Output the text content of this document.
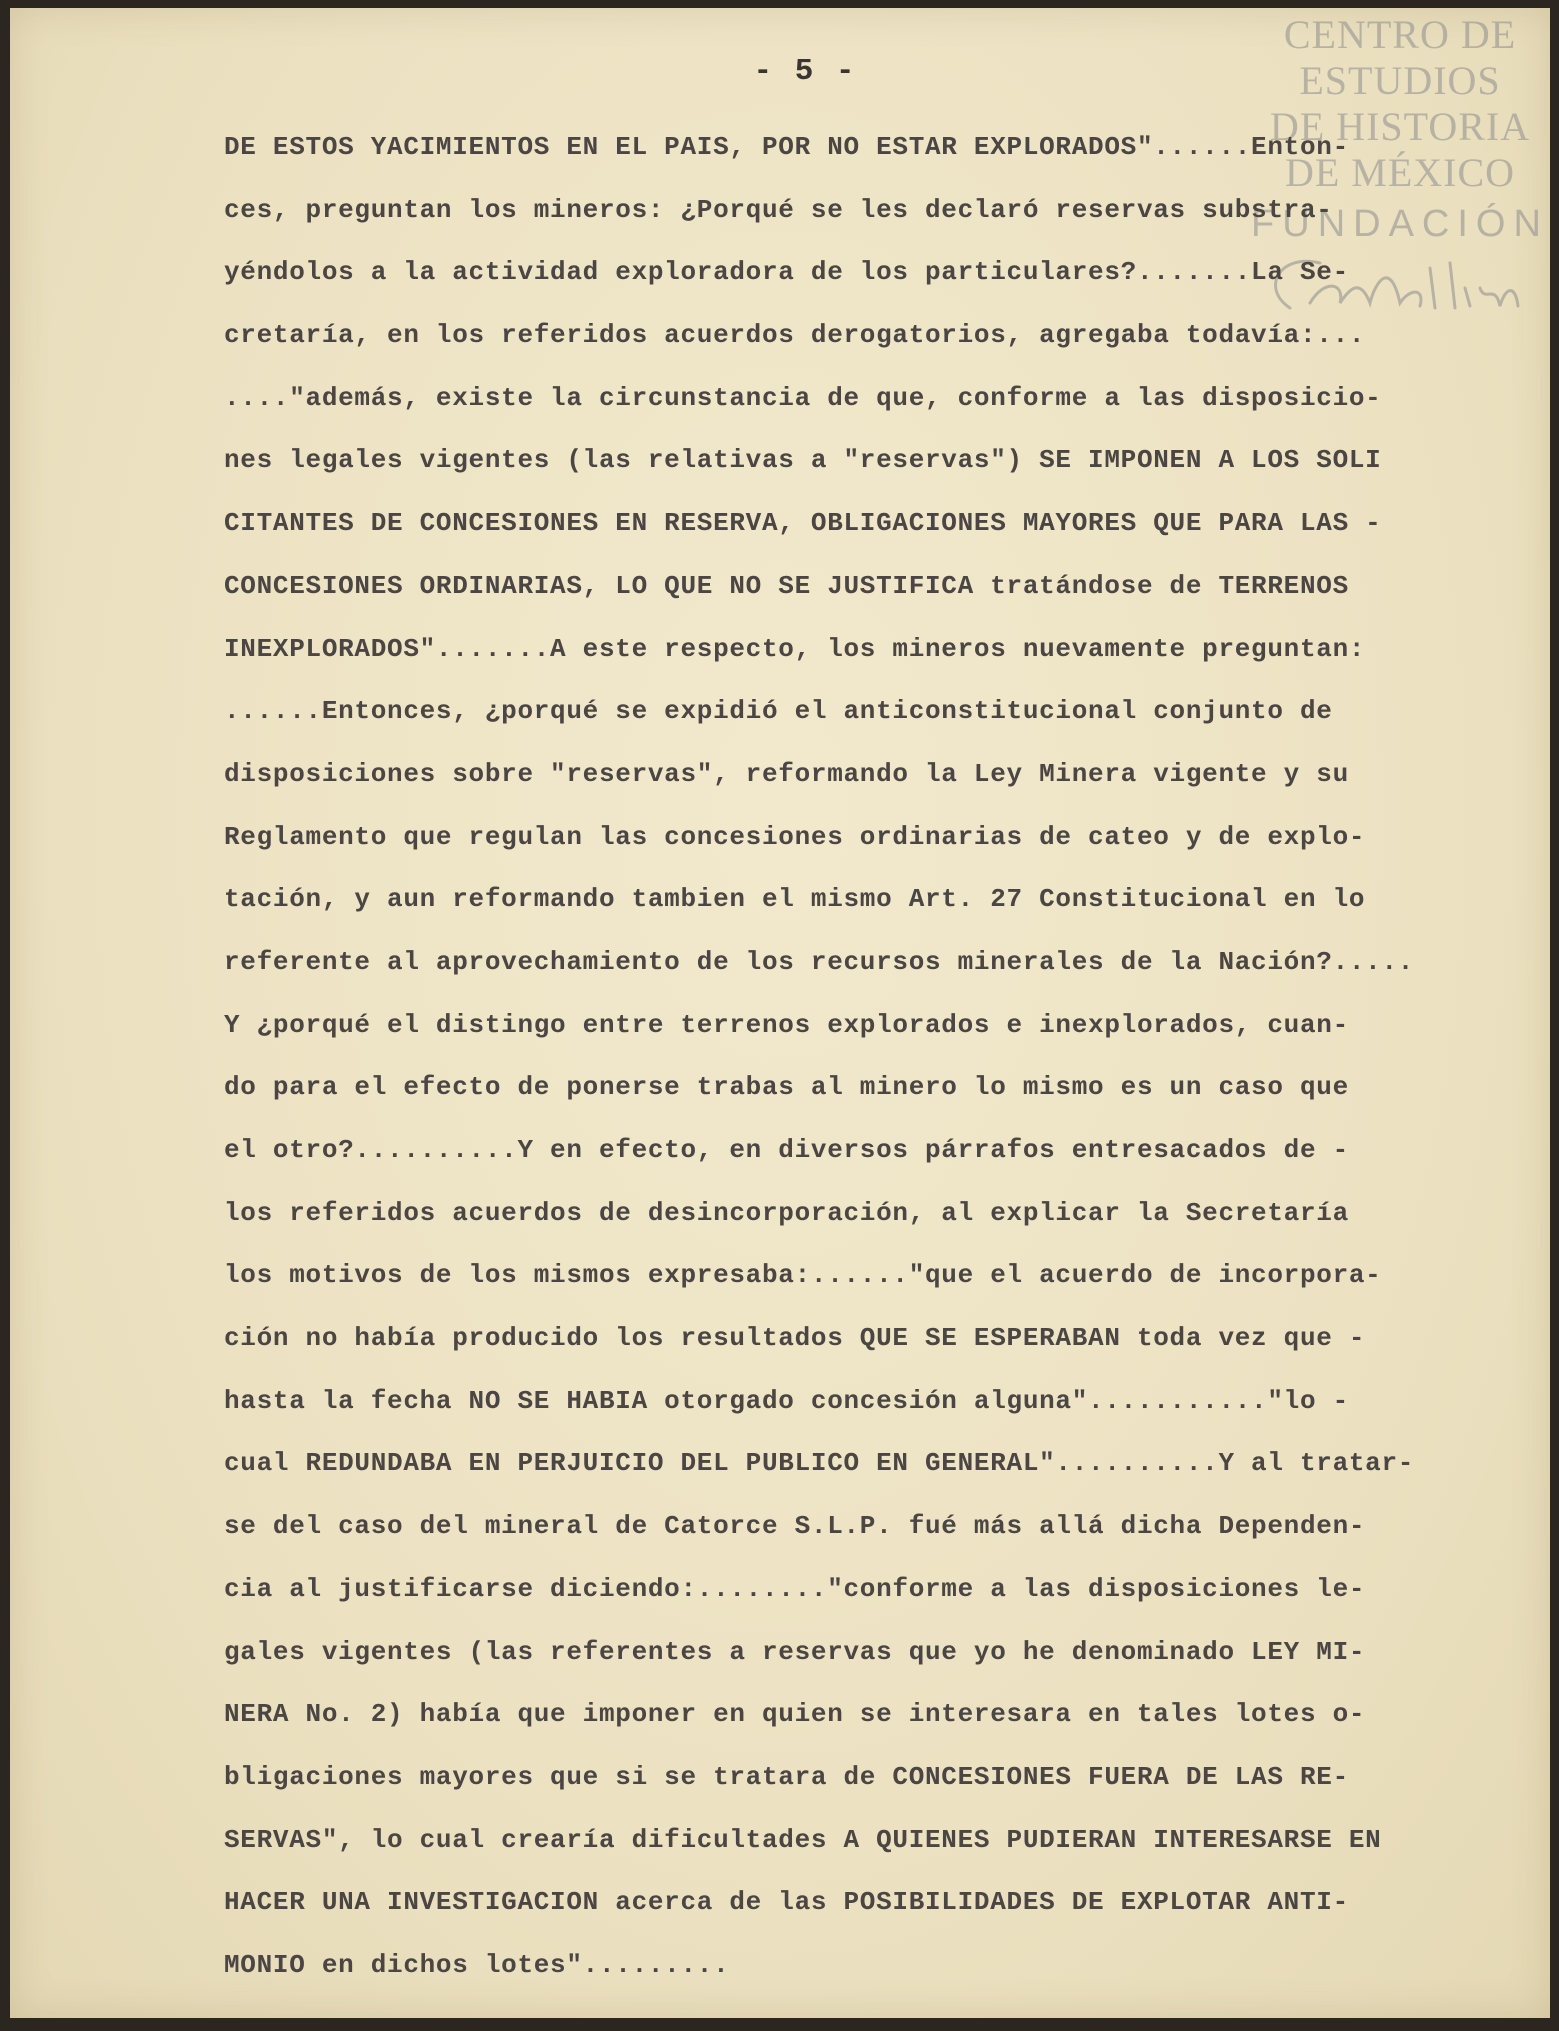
- 5 -
CENTRO DE
ESTUDIOS
DE HISTORIA
DE MÉXICO
FUNDACIÓN
DE ESTOS YACIMIENTOS EN EL PAIS, POR NO ESTAR EXPLORADOS"......Enton-
ces, preguntan los mineros: ¿Porqué se les declaró reservas substra-
yéndolos a la actividad exploradora de los particulares?.......La Se-
cretaría, en los referidos acuerdos derogatorios, agregaba todavía:...
...."además, existe la circunstancia de que, conforme a las disposicio-
nes legales vigentes (las relativas a "reservas") SE IMPONEN A LOS SOLI
CITANTES DE CONCESIONES EN RESERVA, OBLIGACIONES MAYORES QUE PARA LAS -
CONCESIONES ORDINARIAS, LO QUE NO SE JUSTIFICA tratándose de TERRENOS
INEXPLORADOS".......A este respecto, los mineros nuevamente preguntan:
......Entonces, ¿porqué se expidió el anticonstitucional conjunto de
disposiciones sobre "reservas", reformando la Ley Minera vigente y su
Reglamento que regulan las concesiones ordinarias de cateo y de explo-
tación, y aun reformando tambien el mismo Art. 27 Constitucional en lo
referente al aprovechamiento de los recursos minerales de la Nación?.....
Y ¿porqué el distingo entre terrenos explorados e inexplorados, cuan-
do para el efecto de ponerse trabas al minero lo mismo es un caso que
el otro?..........Y en efecto, en diversos párrafos entresacados de -
los referidos acuerdos de desincorporación, al explicar la Secretaría
los motivos de los mismos expresaba:......"que el acuerdo de incorpora-
ción no había producido los resultados QUE SE ESPERABAN toda vez que -
hasta la fecha NO SE HABIA otorgado concesión alguna"..........."lo -
cual REDUNDABA EN PERJUICIO DEL PUBLICO EN GENERAL"..........Y al tratar-
se del caso del mineral de Catorce S.L.P. fué más allá dicha Dependen-
cia al justificarse diciendo:........"conforme a las disposiciones le-
gales vigentes (las referentes a reservas que yo he denominado LEY MI-
NERA No. 2) había que imponer en quien se interesara en tales lotes o-
bligaciones mayores que si se tratara de CONCESIONES FUERA DE LAS RE-
SERVAS", lo cual crearía dificultades A QUIENES PUDIERAN INTERESARSE EN
HACER UNA INVESTIGACION acerca de las POSIBILIDADES DE EXPLOTAR ANTI-
MONIO en dichos lotes".........
